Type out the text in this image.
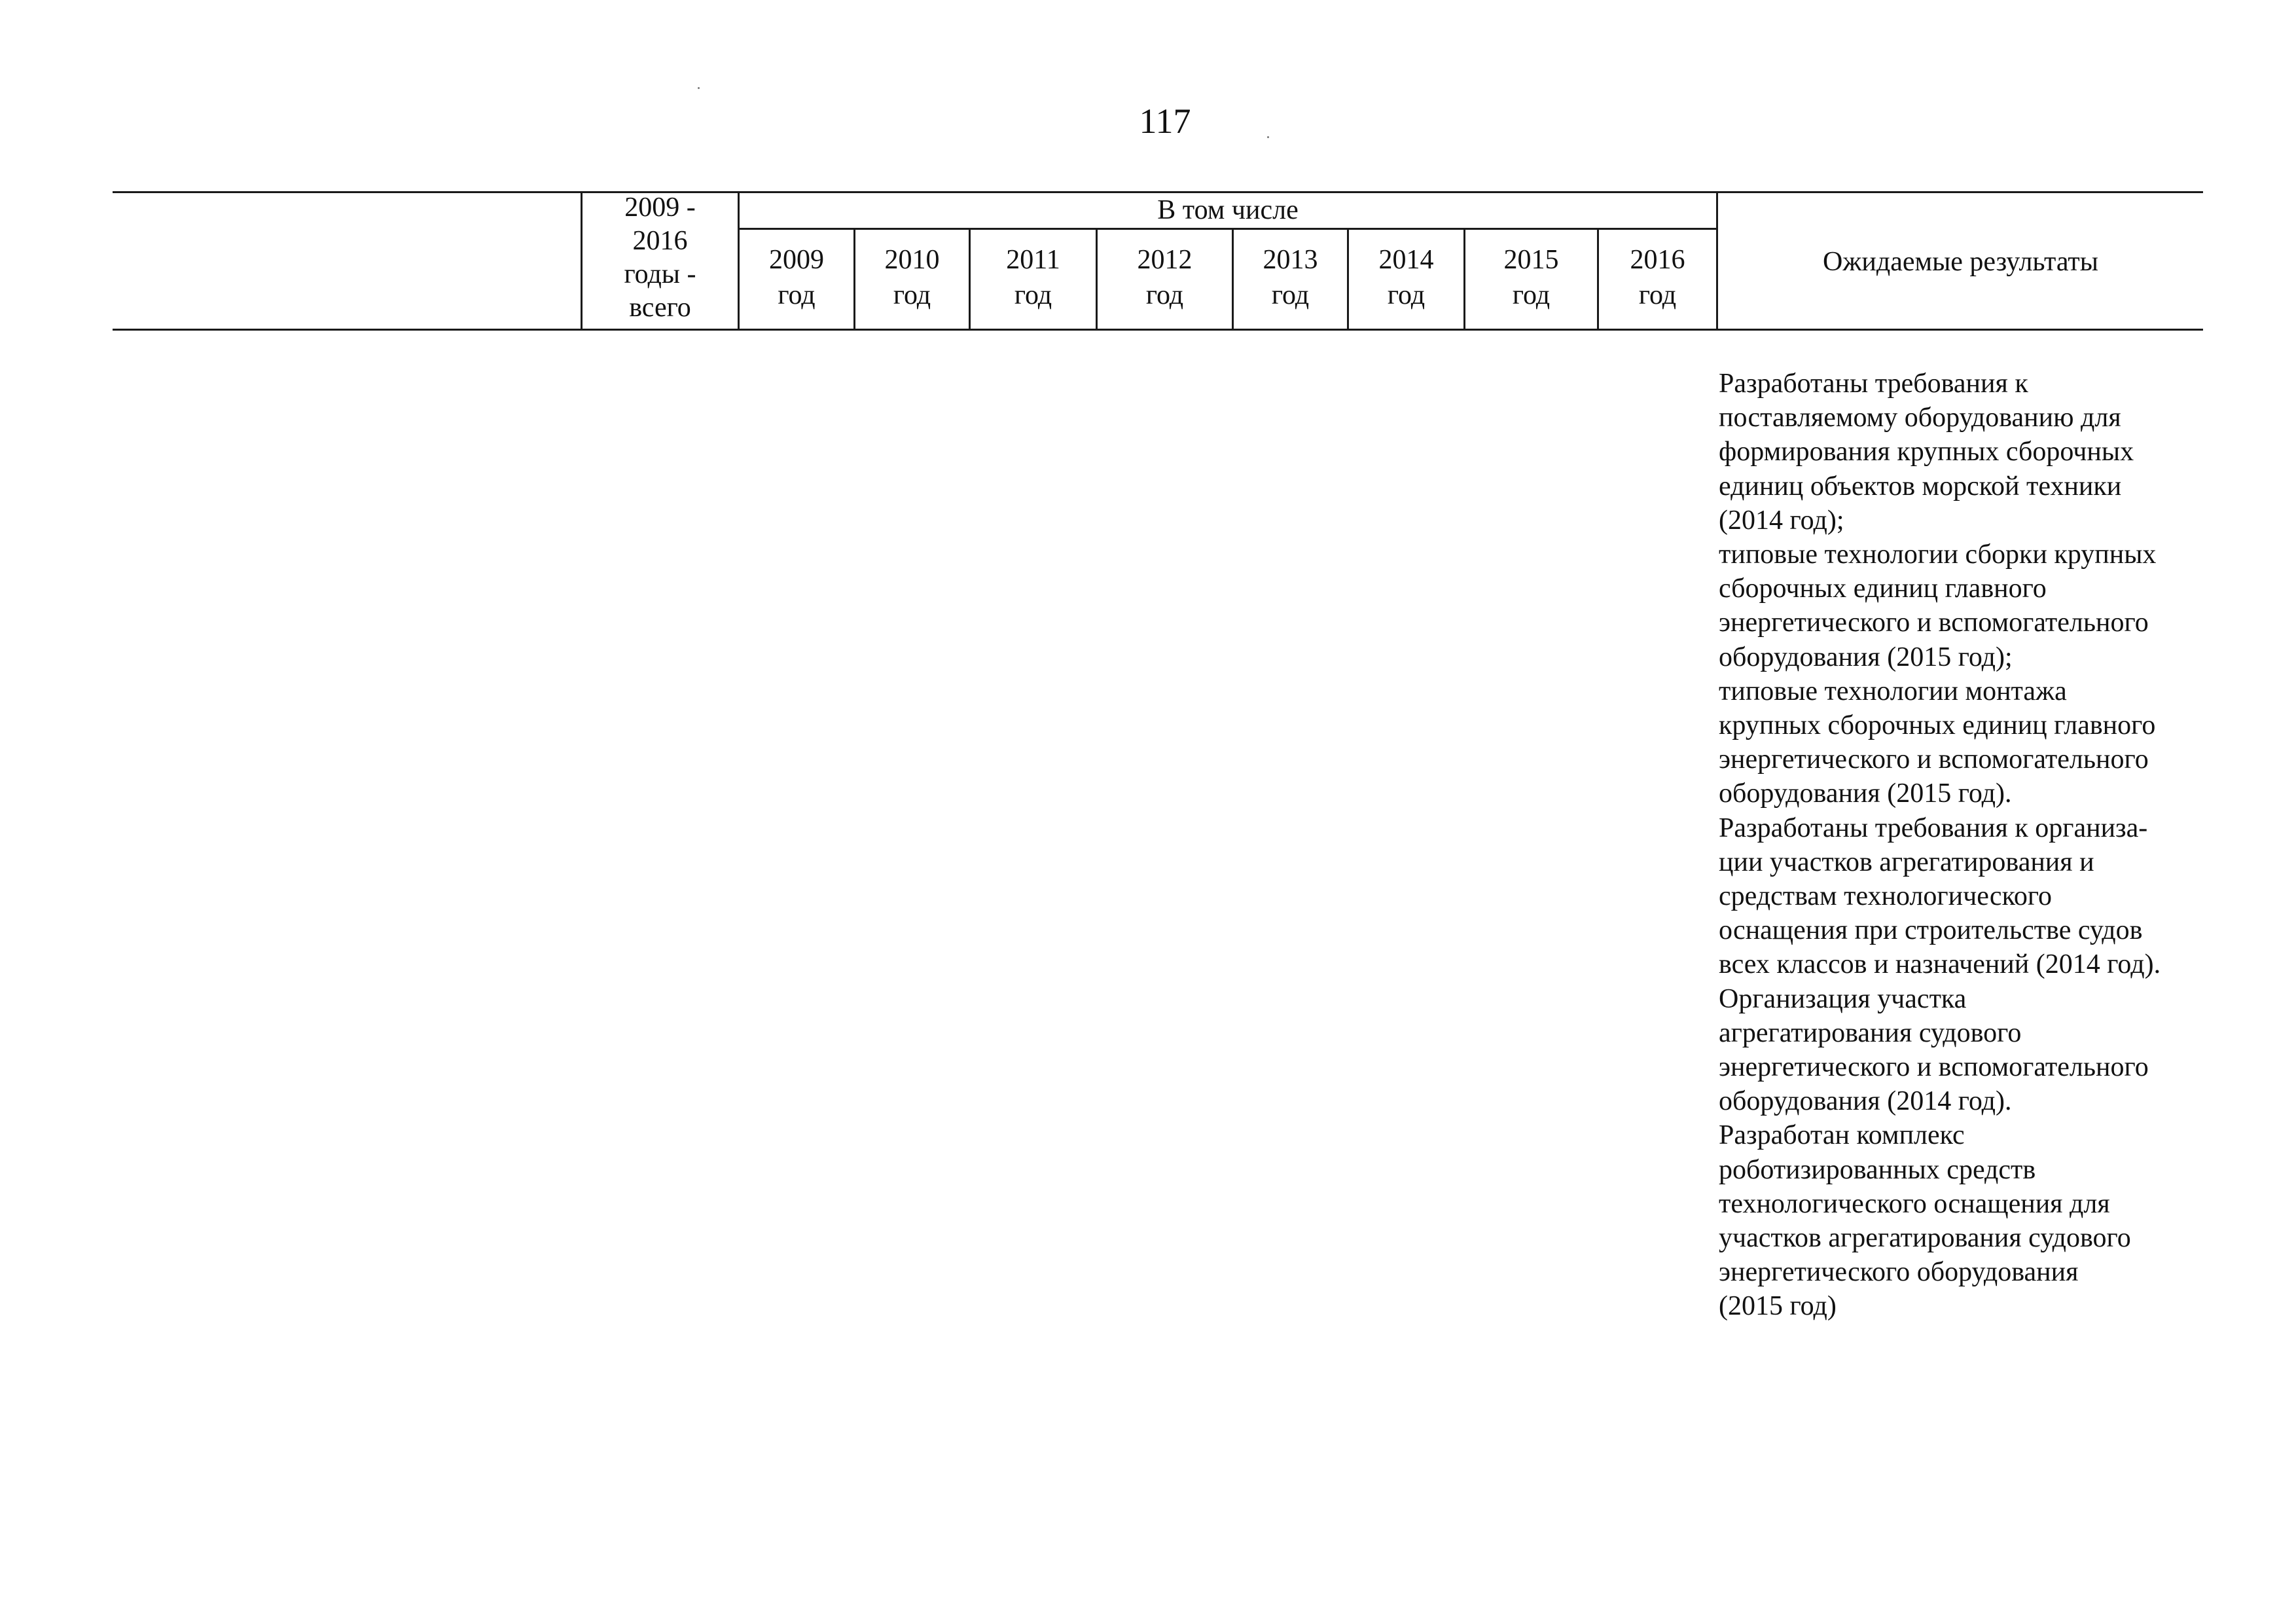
117
2009 -
2016
годы -
всего
В том числе
2009
год
2010
год
2011
год
2012
год
2013
год
2014
год
2015
год
2016
год
Ожидаемые результаты
Разработаны требования к
поставляемому оборудованию для
формирования крупных сборочных
единиц объектов морской техники
(2014 год);
типовые технологии сборки крупных
сборочных единиц главного
энергетического и вспомогательного
оборудования (2015 год);
типовые технологии монтажа
крупных сборочных единиц главного
энергетического и вспомогательного
оборудования (2015 год).
Разработаны требования к организа-
ции участков агрегатирования и
средствам технологического
оснащения при строительстве судов
всех классов и назначений (2014 год).
Организация участка
агрегатирования судового
энергетического и вспомогательного
оборудования (2014 год).
Разработан комплекс
роботизированных средств
технологического оснащения для
участков агрегатирования судового
энергетического оборудования
(2015 год)
